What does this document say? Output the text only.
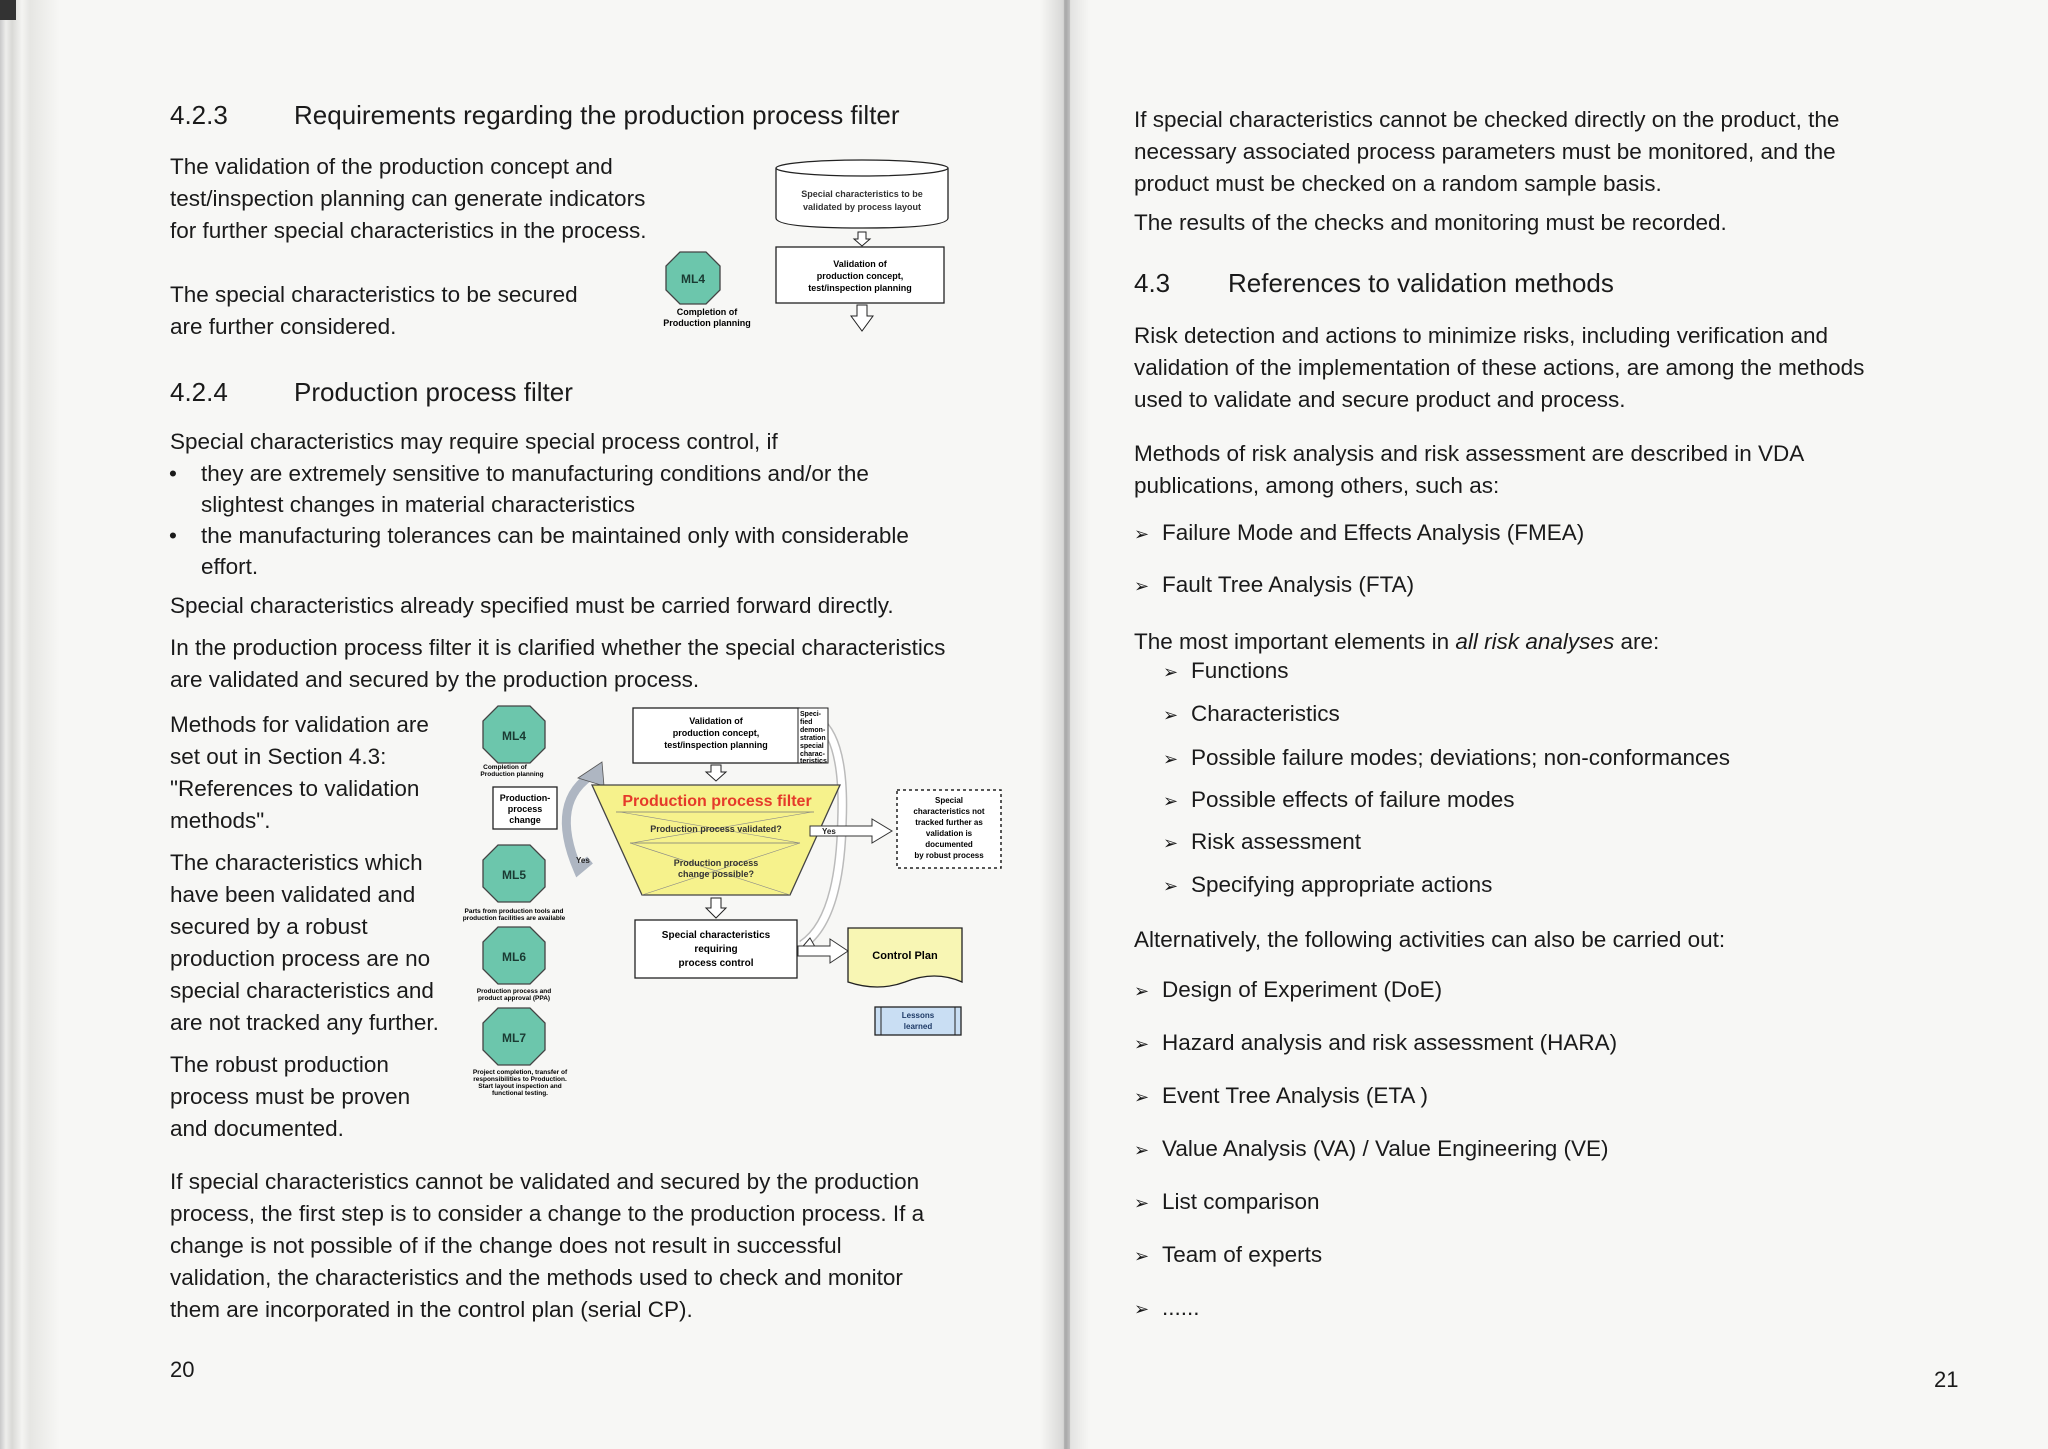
4.2.3	Requirements regarding the production process filter
The validation of the production concept and
test/inspection planning can generate indicators
for further special characteristics in the process.
The special characteristics to be secured
are further considered.
Special characteristics to be
validated by process layout
Validation of
production concept,
test/inspection planning
ML4
Completion of
Production planning
4.2.4	Production process filter
Special characteristics may require special process control, if
• they are extremely sensitive to manufacturing conditions and/or the
slightest changes in material characteristics
• the manufacturing tolerances can be maintained only with considerable
effort.
Special characteristics already specified must be carried forward directly.
In the production process filter it is clarified whether the special characteristics
are validated and secured by the production process.
Methods for validation are
set out in Section 4.3:
"References to validation
methods".
The characteristics which
have been validated and
secured by a robust
production process are no
special characteristics and
are not tracked any further.
The robust production
process must be proven
and documented.
ML4
Completion of
Production planning
Production-
process
change
ML5
Parts from production tools and
production facilities are available
ML6
Production process and
product approval (PPA)
ML7
Project completion, transfer of
responsibilities to Production.
Start layout inspection and
functional testing.
Yes
Validation of
production concept,
test/inspection planning
Speci-
fied
demon-
stration
special
charac-
teristics
Production process filter
Production process validated?
Production process
change possible?
Yes
Special
characteristics not
tracked further as
validation is
documented
by robust process
Special characteristics
requiring
process control
Control Plan
Lessons
learned
If special characteristics cannot be validated and secured by the production
process, the first step is to consider a change to the production process. If a
change is not possible of if the change does not result in successful
validation, the characteristics and the methods used to check and monitor
them are incorporated in the control plan (serial CP).
20
If special characteristics cannot be checked directly on the product, the
necessary associated process parameters must be monitored, and the
product must be checked on a random sample basis.
The results of the checks and monitoring must be recorded.
4.3 References to validation methods
Risk detection and actions to minimize risks, including verification and
validation of the implementation of these actions, are among the methods
used to validate and secure product and process.
Methods of risk analysis and risk assessment are described in VDA
publications, among others, such as:
➢ Failure Mode and Effects Analysis (FMEA)
➢ Fault Tree Analysis (FTA)
The most important elements in all risk analyses are:
➢ Functions
➢ Characteristics
➢ Possible failure modes; deviations; non-conformances
➢ Possible effects of failure modes
➢ Risk assessment
➢ Specifying appropriate actions
Alternatively, the following activities can also be carried out:
➢ Design of Experiment (DoE)
➢ Hazard analysis and risk assessment (HARA)
➢ Event Tree Analysis (ETA )
➢ Value Analysis (VA) / Value Engineering (VE)
➢ List comparison
➢ Team of experts
➢ ......
21
